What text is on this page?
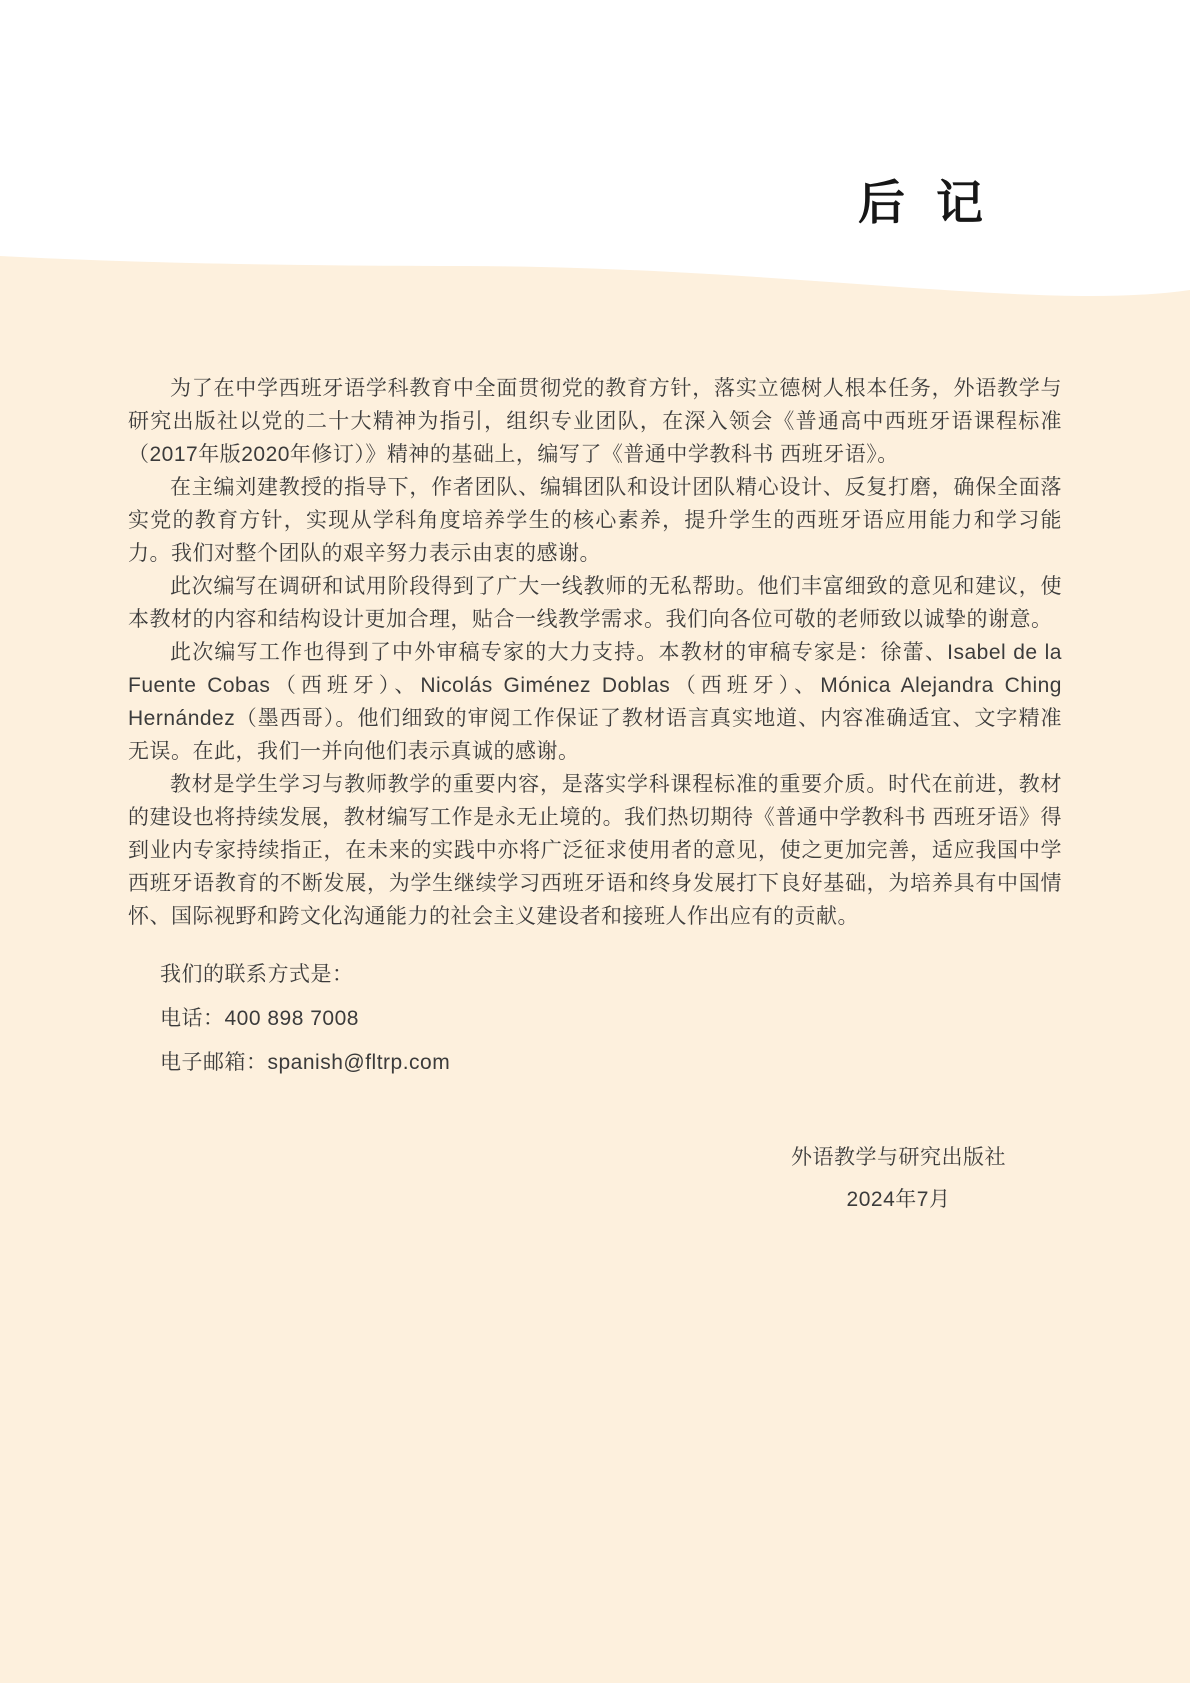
后 记

为了在中学西班牙语学科教育中全面贯彻党的教育方针，落实立德树人根本任务，外语教学与研究出版社以党的二十大精神为指引，组织专业团队，在深入领会《普通高中西班牙语课程标准（2017年版2020年修订）》精神的基础上，编写了《普通中学教科书 西班牙语》。

在主编刘建教授的指导下，作者团队、编辑团队和设计团队精心设计、反复打磨，确保全面落实党的教育方针，实现从学科角度培养学生的核心素养，提升学生的西班牙语应用能力和学习能力。我们对整个团队的艰辛努力表示由衷的感谢。

此次编写在调研和试用阶段得到了广大一线教师的无私帮助。他们丰富细致的意见和建议，使本教材的内容和结构设计更加合理，贴合一线教学需求。我们向各位可敬的老师致以诚挚的谢意。

此次编写工作也得到了中外审稿专家的大力支持。本教材的审稿专家是：徐蕾、Isabel de la Fuente Cobas（西班牙）、Nicolás Giménez Doblas（西班牙）、Mónica Alejandra Ching Hernández（墨西哥）。他们细致的审阅工作保证了教材语言真实地道、内容准确适宜、文字精准无误。在此，我们一并向他们表示真诚的感谢。

教材是学生学习与教师教学的重要内容，是落实学科课程标准的重要介质。时代在前进，教材的建设也将持续发展，教材编写工作是永无止境的。我们热切期待《普通中学教科书 西班牙语》得到业内专家持续指正，在未来的实践中亦将广泛征求使用者的意见，使之更加完善，适应我国中学西班牙语教育的不断发展，为学生继续学习西班牙语和终身发展打下良好基础，为培养具有中国情怀、国际视野和跨文化沟通能力的社会主义建设者和接班人作出应有的贡献。

我们的联系方式是：

电话：400 898 7008

电子邮箱：spanish@fltrp.com

外语教学与研究出版社

2024年7月
